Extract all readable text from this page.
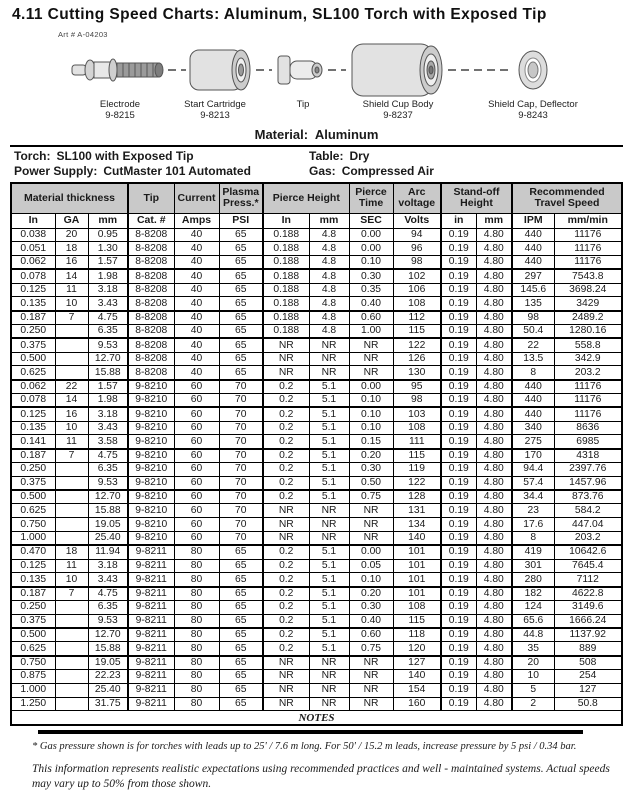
4.11 Cutting Speed Charts: Aluminum, SL100 Torch with Exposed Tip
Art # A-04203
Electrode
9-8215
Start Cartridge
9-8213
Tip	Shield Cup Body
9-8237
Shield Cap, Deflector
9-8243
Material: Aluminum
Torch: SL100 with Exposed Tip	Table: Dry
Power Supply: CutMaster 101 Automated	Gas: Compressed Air
Material thickness			Tip	Current	Plasma Press.*	Pierce Height		Pierce Time	Arc voltage	Stand-off Height		Recommended Travel Speed	
In	GA	mm	Cat. #	Amps	PSI	In	mm	SEC	Volts	in	mm	IPM	mm/min
0.038	20	0.95	8-8208	40	65	0.188	4.8	0.00	94	0.19	4.80	440	11176
0.051	18	1.30	8-8208	40	65	0.188	4.8	0.00	96	0.19	4.80	440	11176
0.062	16	1.57	8-8208	40	65	0.188	4.8	0.10	98	0.19	4.80	440	11176
0.078	14	1.98	8-8208	40	65	0.188	4.8	0.30	102	0.19	4.80	297	7543.8
0.125	11	3.18	8-8208	40	65	0.188	4.8	0.35	106	0.19	4.80	145.6	3698.24
0.135	10	3.43	8-8208	40	65	0.188	4.8	0.40	108	0.19	4.80	135	3429
0.187	7	4.75	8-8208	40	65	0.188	4.8	0.60	112	0.19	4.80	98	2489.2
0.250		6.35	8-8208	40	65	0.188	4.8	1.00	115	0.19	4.80	50.4	1280.16
0.375		9.53	8-8208	40	65	NR	NR	NR	122	0.19	4.80	22	558.8
0.500		12.70	8-8208	40	65	NR	NR	NR	126	0.19	4.80	13.5	342.9
0.625		15.88	8-8208	40	65	NR	NR	NR	130	0.19	4.80	8	203.2
0.062	22	1.57	9-8210	60	70	0.2	5.1	0.00	95	0.19	4.80	440	11176
0.078	14	1.98	9-8210	60	70	0.2	5.1	0.10	98	0.19	4.80	440	11176
0.125	16	3.18	9-8210	60	70	0.2	5.1	0.10	103	0.19	4.80	440	11176
0.135	10	3.43	9-8210	60	70	0.2	5.1	0.10	108	0.19	4.80	340	8636
0.141	11	3.58	9-8210	60	70	0.2	5.1	0.15	111	0.19	4.80	275	6985
0.187	7	4.75	9-8210	60	70	0.2	5.1	0.20	115	0.19	4.80	170	4318
0.250		6.35	9-8210	60	70	0.2	5.1	0.30	119	0.19	4.80	94.4	2397.76
0.375		9.53	9-8210	60	70	0.2	5.1	0.50	122	0.19	4.80	57.4	1457.96
0.500		12.70	9-8210	60	70	0.2	5.1	0.75	128	0.19	4.80	34.4	873.76
0.625		15.88	9-8210	60	70	NR	NR	NR	131	0.19	4.80	23	584.2
0.750		19.05	9-8210	60	70	NR	NR	NR	134	0.19	4.80	17.6	447.04
1.000		25.40	9-8210	60	70	NR	NR	NR	140	0.19	4.80	8	203.2
0.470	18	11.94	9-8211	80	65	0.2	5.1	0.00	101	0.19	4.80	419	10642.6
0.125	11	3.18	9-8211	80	65	0.2	5.1	0.05	101	0.19	4.80	301	7645.4
0.135	10	3.43	9-8211	80	65	0.2	5.1	0.10	101	0.19	4.80	280	7112
0.187	7	4.75	9-8211	80	65	0.2	5.1	0.20	101	0.19	4.80	182	4622.8
0.250		6.35	9-8211	80	65	0.2	5.1	0.30	108	0.19	4.80	124	3149.6
0.375		9.53	9-8211	80	65	0.2	5.1	0.40	115	0.19	4.80	65.6	1666.24
0.500		12.70	9-8211	80	65	0.2	5.1	0.60	118	0.19	4.80	44.8	1137.92
0.625		15.88	9-8211	80	65	0.2	5.1	0.75	120	0.19	4.80	35	889
0.750		19.05	9-8211	80	65	NR	NR	NR	127	0.19	4.80	20	508
0.875		22.23	9-8211	80	65	NR	NR	NR	140	0.19	4.80	10	254
1.000		25.40	9-8211	80	65	NR	NR	NR	154	0.19	4.80	5	127
1.250		31.75	9-8211	80	65	NR	NR	NR	160	0.19	4.80	2	50.8
NOTES													
* Gas pressure shown is for torches with leads up to 25' / 7.6 m long. For 50' / 15.2 m leads, increase pressure by 5 psi / 0.34 bar.
This information represents realistic expectations using recommended practices and well - maintained systems. Actual speeds may vary up to 50% from those shown.
